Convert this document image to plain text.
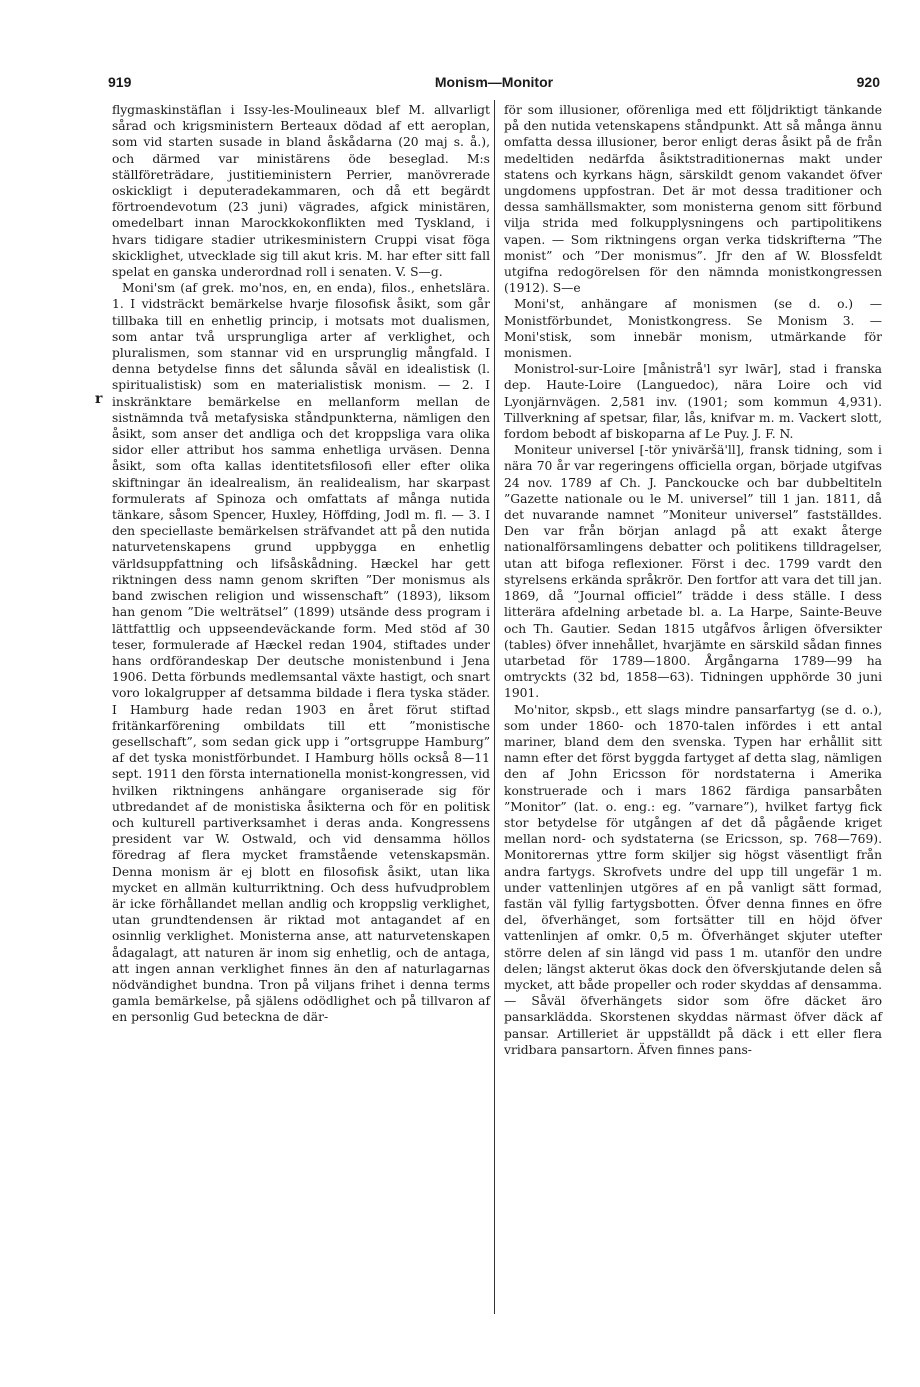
919	Monism—Monitor	920
r

flygmaskinstäflan i Issy-les-Moulineaux blef M. allvarligt sårad och krigsministern Berteaux dödad af ett aeroplan, som vid starten susade in bland åskådarna (20 maj s. å.), och därmed var ministärens öde beseglad. M:s ställföreträdare, justitieministern Perrier, manövrerade oskickligt i deputeradekammaren, och då ett begärdt förtroendevotum (23 juni) vägrades, afgick ministären, omedelbart innan Marockkokonflikten med Tyskland, i hvars tidigare stadier utrikesministern Cruppi visat föga skicklighet, utvecklade sig till akut kris. M. har efter sitt fall spelat en ganska underordnad roll i senaten. V. S—g.

Moni'sm (af grek. mo'nos, en, en enda), filos., enhetslära. 1. I vidsträckt bemärkelse hvarje filosofisk åsikt, som går tillbaka till en enhetlig princip, i motsats mot dualismen, som antar två ursprungliga arter af verklighet, och pluralismen, som stannar vid en ursprunglig mångfald. I denna betydelse finns det sålunda såväl en idealistisk (l. spiritualistisk) som en materialistisk monism. — 2. I inskränktare bemärkelse en mellanform mellan de sistnämnda två metafysiska ståndpunkterna, nämligen den åsikt, som anser det andliga och det kroppsliga vara olika sidor eller attribut hos samma enhetliga urväsen. Denna åsikt, som ofta kallas identitetsfilosofi eller efter olika skiftningar än idealrealism, än realidealism, har skarpast formulerats af Spinoza och omfattats af många nutida tänkare, såsom Spencer, Huxley, Höffding, Jodl m. fl. — 3. I den speciellaste bemärkelsen sträfvandet att på den nutida naturvetenskapens grund uppbygga en enhetlig världsuppfattning och lifsåskådning. Hæckel har gett riktningen dess namn genom skriften ”Der monismus als band zwischen religion und wissenschaft” (1893), liksom han genom ”Die welträtsel” (1899) utsände dess program i lättfattlig och uppseendeväckande form. Med stöd af 30 teser, formulerade af Hæckel redan 1904, stiftades under hans ordförandeskap Der deutsche monistenbund i Jena 1906. Detta förbunds medlemsantal växte hastigt, och snart voro lokalgrupper af detsamma bildade i flera tyska städer. I Hamburg hade redan 1903 en året förut stiftad fritänkarförening ombildats till ett ”monistische gesellschaft”, som sedan gick upp i ”ortsgruppe Hamburg” af det tyska monistförbundet. I Hamburg hölls också 8—11 sept. 1911 den första internationella monist-kongressen, vid hvilken riktningens anhängare organiserade sig för utbredandet af de monistiska åsikterna och för en politisk och kulturell partiverksamhet i deras anda. Kongressens president var W. Ostwald, och vid densamma höllos föredrag af flera mycket framstående vetenskapsmän. Denna monism är ej blott en filosofisk åsikt, utan lika mycket en allmän kulturriktning. Och dess hufvudproblem är icke förhållandet mellan andlig och kroppslig verklighet, utan grundtendensen är riktad mot antagandet af en osinnlig verklighet. Monisterna anse, att naturvetenskapen ådagalagt, att naturen är inom sig enhetlig, och de antaga, att ingen annan verklighet finnes än den af naturlagarnas nödvändighet bundna. Tron på viljans frihet i denna terms gamla bemärkelse, på själens odödlighet och på tillvaron af en personlig Gud betecknа de där-

för som illusioner, oförenliga med ett följdriktigt tänkande på den nutida vetenskapens ståndpunkt. Att så många ännu omfatta dessa illusioner, beror enligt deras åsikt på de från medeltiden nedärfda åsiktstraditionernas makt under statens och kyrkans hägn, särskildt genom vakandet öfver ungdomens uppfostran. Det är mot dessa traditioner och dessa samhällsmakter, som monisterna genom sitt förbund vilja strida med folkupplysningens och partipolitikens vapen. — Som riktningens organ verka tidskrifterna ”The monist” och ”Der monismus”. Jfr den af W. Blossfeldt utgifna redogörelsen för den nämnda monistkongressen (1912). S—e

Moni'st, anhängare af monismen (se d. o.) — Monistförbundet, Monistkongress. Se Monism 3. — Moni'stisk, som innebär monism, utmärkande för monismen.

Monistrol-sur-Loire [månistrå'l syr lwār], stad i franska dep. Haute-Loire (Languedoc), nära Loire och vid Lyonjärnvägen. 2,581 inv. (1901; som kommun 4,931). Tillverkning af spetsar, filar, lås, knifvar m. m. Vackert slott, fordom bebodt af biskoparna af Le Puy. J. F. N.

Moniteur universel [-tör yniväršä'll], fransk tidning, som i nära 70 år var regeringens officiella organ, började utgifvas 24 nov. 1789 af Ch. J. Panckoucke och bar dubbeltiteln ”Gazette nationale ou le M. universel” till 1 jan. 1811, då det nuvarande namnet ”Moniteur universel” fastställdes. Den var från början anlagd på att exakt återge nationalförsamlingens debatter och politikens tilldragelser, utan att bifoga reflexioner. Först i dec. 1799 vardt den styrelsens erkända språkrör. Den fortfor att vara det till jan. 1869, då ”Journal officiel” trädde i dess ställe. I dess litterära afdelning arbetade bl. a. La Harpe, Sainte-Beuve och Th. Gautier. Sedan 1815 utgåfvos årligen öfversikter (tables) öfver innehållet, hvarjämte en särskild sådan finnes utarbetad för 1789—1800. Årgångarna 1789—99 ha omtryckts (32 bd, 1858—63). Tidningen upphörde 30 juni 1901.

Mo'nitor, skpsb., ett slags mindre pansarfartyg (se d. o.), som under 1860- och 1870-talen infördes i ett antal mariner, bland dem den svenska. Typen har erhållit sitt namn efter det först byggda fartyget af detta slag, nämligen den af John Ericsson för nordstaterna i Amerika konstruerade och i mars 1862 färdiga pansarbåten ”Monitor” (lat. o. eng.: eg. ”varnare”), hvilket fartyg fick stor betydelse för utgången af det då pågående kriget mellan nord- och sydstaterna (se Ericsson, sp. 768—769). Monitorernas yttre form skiljer sig högst väsentligt från andra fartygs. Skrofvets undre del upp till ungefär 1 m. under vattenlinjen utgöres af en på vanligt sätt formad, fastän väl fyllig fartygsbotten. Öfver denna finnes en öfre del, öfverhänget, som fortsätter till en höjd öfver vattenlinjen af omkr. 0,5 m. Öfverhänget skjuter utefter större delen af sin längd vid pass 1 m. utanför den undre delen; längst akterut ökas dock den öfverskjutande delen så mycket, att både propeller och roder skyddas af densamma. — Såväl öfverhängets sidor som öfre däcket äro pansarklädda. Skorstenen skyddas närmast öfver däck af pansar. Artilleriet är uppställdt på däck i ett eller flera vridbara pansartorn. Äfven finnes pans-
